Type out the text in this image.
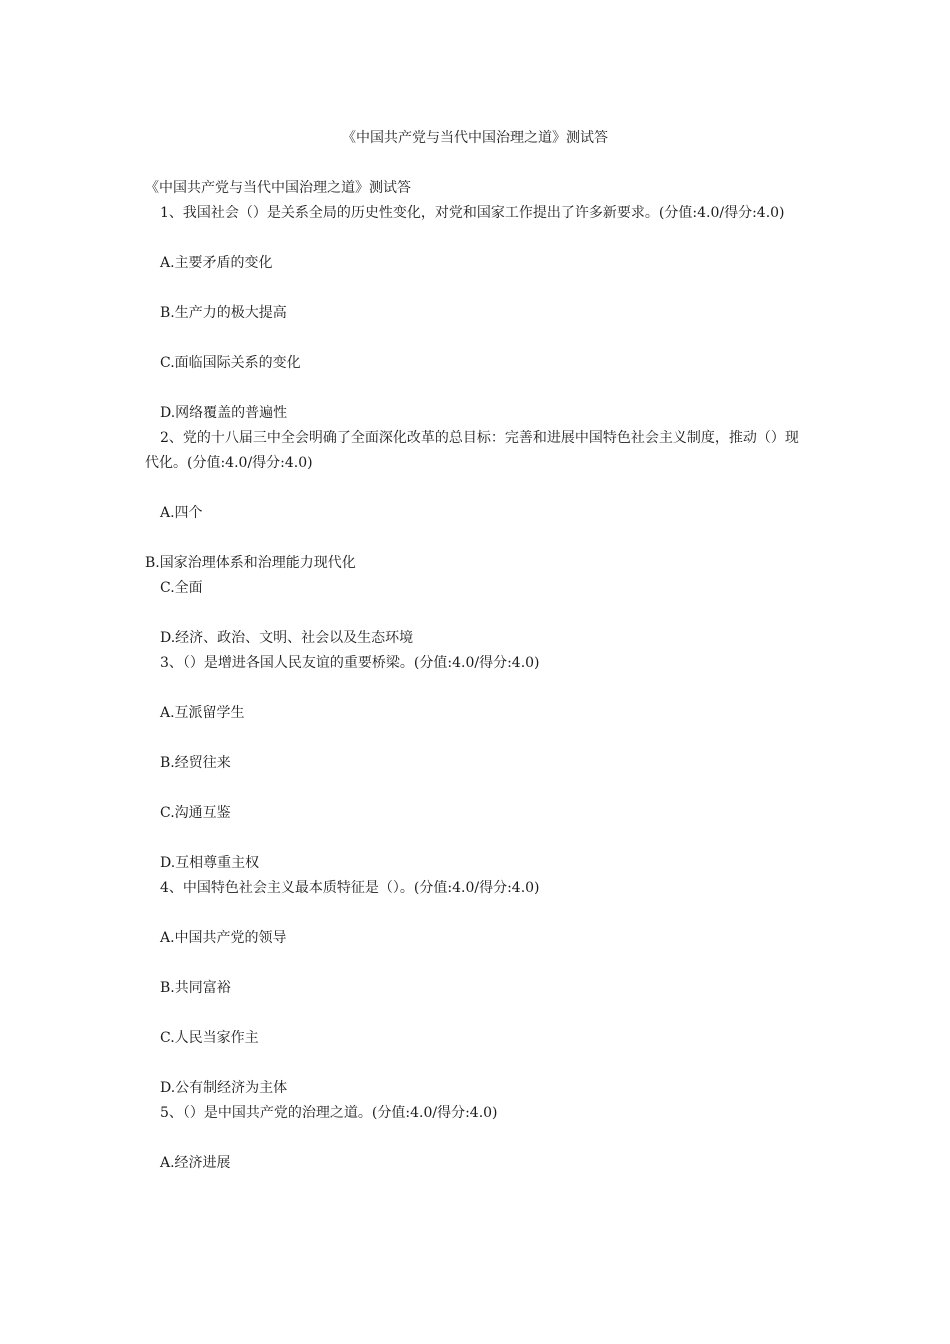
《中国共产党与当代中国治理之道》测试答
《中国共产党与当代中国治理之道》测试答
1、我国社会（）是关系全局的历史性变化，对党和国家工作提出了许多新要求。(分值:4.0/得分:4.0)
A.主要矛盾的变化
B.生产力的极大提高
C.面临国际关系的变化
D.网络覆盖的普遍性
2、党的十八届三中全会明确了全面深化改革的总目标：完善和进展中国特色社会主义制度，推动（）现代化。(分值:4.0/得分:4.0)
A.四个
B.国家治理体系和治理能力现代化
C.全面
D.经济、政治、文明、社会以及生态环境
3、（）是增进各国人民友谊的重要桥梁。(分值:4.0/得分:4.0)
A.互派留学生
B.经贸往来
C.沟通互鉴
D.互相尊重主权
4、中国特色社会主义最本质特征是（）。(分值:4.0/得分:4.0)
A.中国共产党的领导
B.共同富裕
C.人民当家作主
D.公有制经济为主体
5、（）是中国共产党的治理之道。(分值:4.0/得分:4.0)
A.经济进展
